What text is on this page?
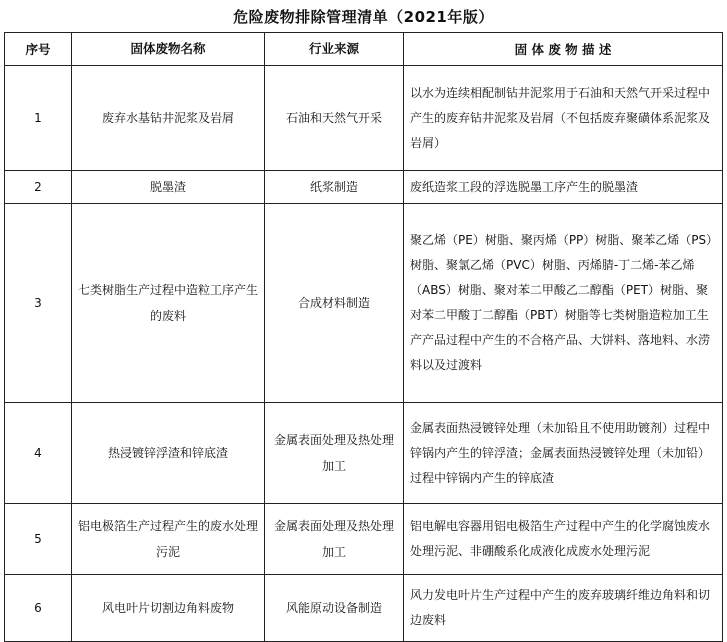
危险废物排除管理清单（2021年版）
序号	固体废物名称	行业来源	固 体 废 物 描 述
1	废弃水基钻井泥浆及岩屑	石油和天然气开采	以水为连续相配制钻井泥浆用于石油和天然气开采过程中产生的废弃钻井泥浆及岩屑（不包括废弃聚磺体系泥浆及岩屑）
2	脱墨渣	纸浆制造	废纸造浆工段的浮选脱墨工序产生的脱墨渣
3	七类树脂生产过程中造粒工序产生的废料	合成材料制造	聚乙烯（PE）树脂、聚丙烯（PP）树脂、聚苯乙烯（PS）树脂、聚氯乙烯（PVC）树脂、丙烯腈-丁二烯-苯乙烯（ABS）树脂、聚对苯二甲酸乙二醇酯（PET）树脂、聚对苯二甲酸丁二醇酯（PBT）树脂等七类树脂造粒加工生产产品过程中产生的不合格产品、大饼料、落地料、水涝料以及过渡料
4	热浸镀锌浮渣和锌底渣	金属表面处理及热处理加工	金属表面热浸镀锌处理（未加铅且不使用助镀剂）过程中锌锅内产生的锌浮渣；金属表面热浸镀锌处理（未加铅）过程中锌锅内产生的锌底渣
5	铝电极箔生产过程产生的废水处理污泥	金属表面处理及热处理加工	铝电解电容器用铝电极箔生产过程中产生的化学腐蚀废水处理污泥、非硼酸系化成液化成废水处理污泥
6	风电叶片切割边角料废物	风能原动设备制造	风力发电叶片生产过程中产生的废弃玻璃纤维边角料和切边废料
